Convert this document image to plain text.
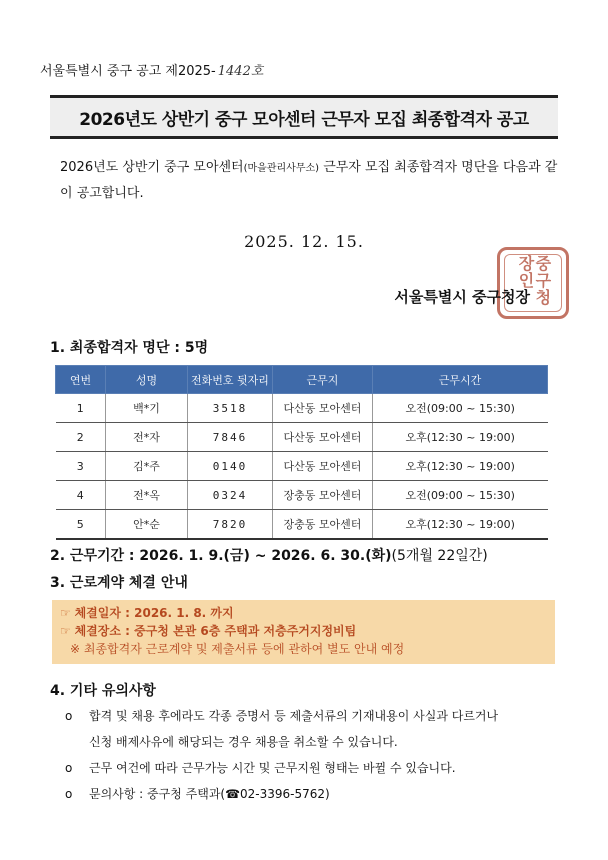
서울특별시 중구 공고 제2025- 1442호
2026년도 상반기 중구 모아센터 근무자 모집 최종합격자 공고
2026년도 상반기 중구 모아센터(마을관리사무소) 근무자 모집 최종합격자 명단을 다음과 같이 공고합니다.
2025. 12. 15.
중구청장인
서울특별시 중구청장
1. 최종합격자 명단 : 5명
연번	성명	전화번호 뒷자리	근무지	근무시간
1	백*기	3518	다산동 모아센터	오전(09:00 ~ 15:30)
2	전*자	7846	다산동 모아센터	오후(12:30 ~ 19:00)
3	김*주	0140	다산동 모아센터	오후(12:30 ~ 19:00)
4	전*옥	0324	장충동 모아센터	오전(09:00 ~ 15:30)
5	안*순	7820	장충동 모아센터	오후(12:30 ~ 19:00)
2. 근무기간 : 2026. 1. 9.(금) ~ 2026. 6. 30.(화)(5개월 22일간)
3. 근로계약 체결 안내
☞ 체결일자 : 2026. 1. 8. 까지
☞ 체결장소 : 중구청 본관 6층 주택과 저층주거지정비팀
※ 최종합격자 근로계약 및 제출서류 등에 관하여 별도 안내 예정
4. 기타 유의사항
o	합격 및 채용 후에라도 각종 증명서 등 제출서류의 기재내용이 사실과 다르거나
신청 배제사유에 해당되는 경우 채용을 취소할 수 있습니다.
o	근무 여건에 따라 근무가능 시간 및 근무지원 형태는 바뀔 수 있습니다.
o	문의사항 : 중구청 주택과(☎02-3396-5762)
